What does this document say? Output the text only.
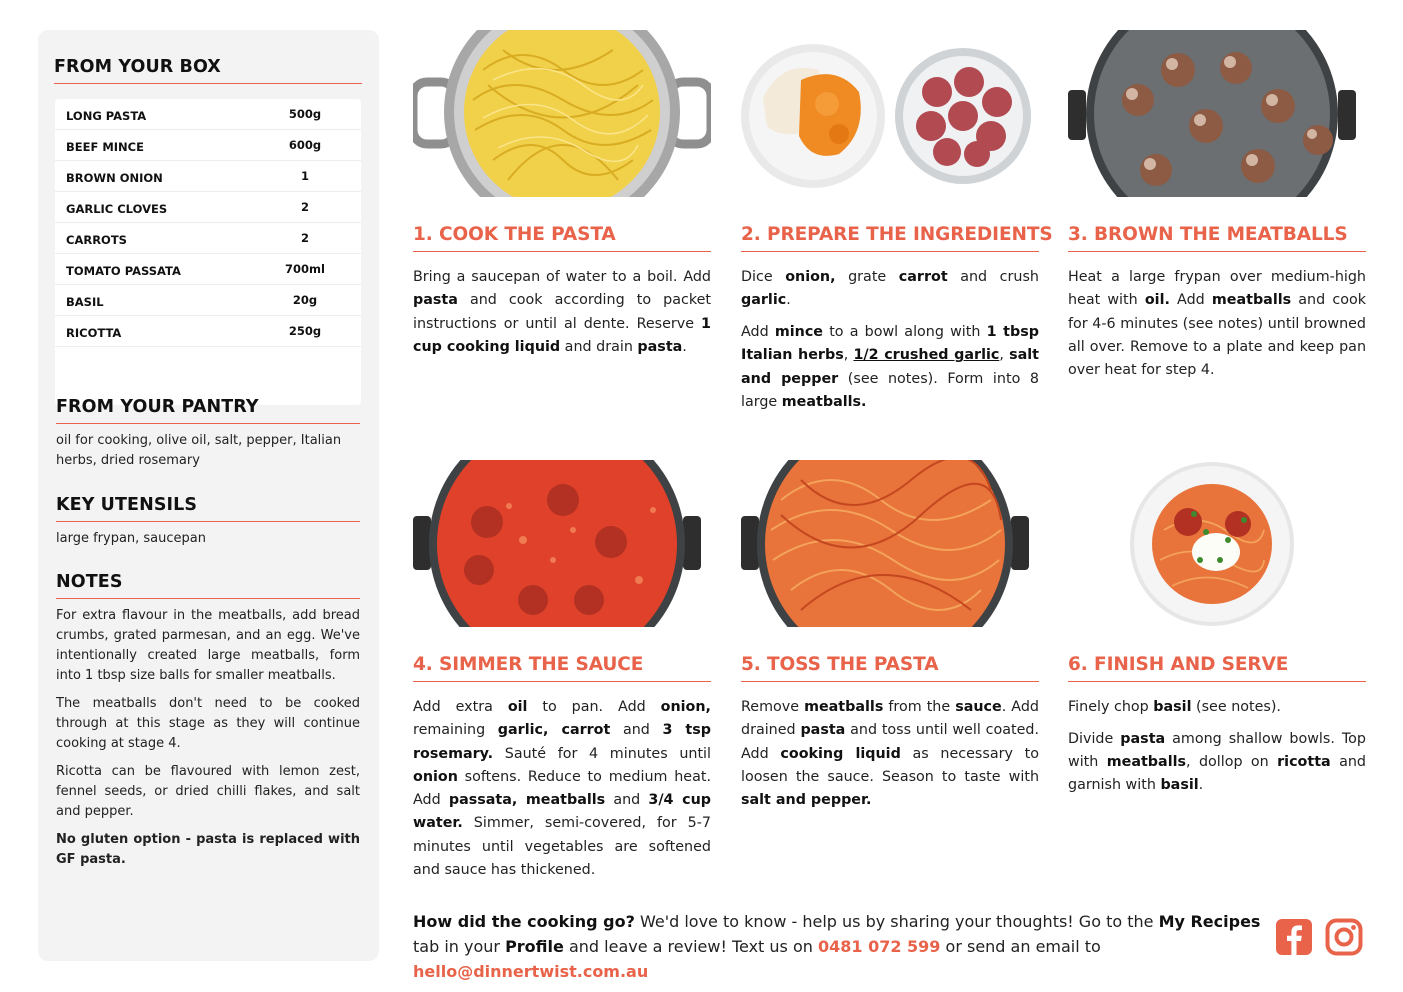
FROM YOUR BOX
LONG PASTA	500g
BEEF MINCE	600g
BROWN ONION	1
GARLIC CLOVES	2
CARROTS	2
TOMATO PASSATA	700ml
BASIL	20g
RICOTTA	250g
FROM YOUR PANTRY
oil for cooking, olive oil, salt, pepper, Italian herbs, dried rosemary
KEY UTENSILS
large frypan, saucepan
NOTES

For extra flavour in the meatballs, add bread crumbs, grated parmesan, and an egg. We've intentionally created large meatballs, form into 1 tbsp size balls for smaller meatballs.

The meatballs don't need to be cooked through at this stage as they will continue cooking at stage 4.

Ricotta can be flavoured with lemon zest, fennel seeds, or dried chilli flakes, and salt and pepper.

No gluten option - pasta is replaced with GF pasta.

1. COOK THE PASTA	2. PREPARE THE INGREDIENTS 3. BROWN THE MEATBALLS
4. SIMMER THE SAUCE	5. TOSS THE PASTA	6. FINISH AND SERVE

Bring a saucepan of water to a boil. Add pasta and cook according to packet instructions or until al dente. Reserve 1 cup cooking liquid and drain pasta.

Dice onion, grate carrot and crush garlic.

Add mince to a bowl along with 1 tbsp Italian herbs, 1/2 crushed garlic, salt and pepper (see notes). Form into 8 large meatballs.

Heat a large frypan over medium-high heat with oil. Add meatballs and cook for 4-6 minutes (see notes) until browned all over. Remove to a plate and keep pan over heat for step 4.

Add extra oil to pan. Add onion, remaining garlic, carrot and 3 tsp rosemary. Sauté for 4 minutes until onion softens. Reduce to medium heat. Add passata, meatballs and 3/4 cup water. Simmer, semi-covered, for 5-7 minutes until vegetables are softened and sauce has thickened.

Remove meatballs from the sauce. Add drained pasta and toss until well coated. Add cooking liquid as necessary to loosen the sauce. Season to taste with salt and pepper.

Finely chop basil (see notes).

Divide pasta among shallow bowls. Top with meatballs, dollop on ricotta and garnish with basil.

How did the cooking go? We'd love to know - help us by sharing your thoughts! Go to the My Recipes tab in your Profile and leave a review! Text us on 0481 072 599 or send an email to hello@dinnertwist.com.au
